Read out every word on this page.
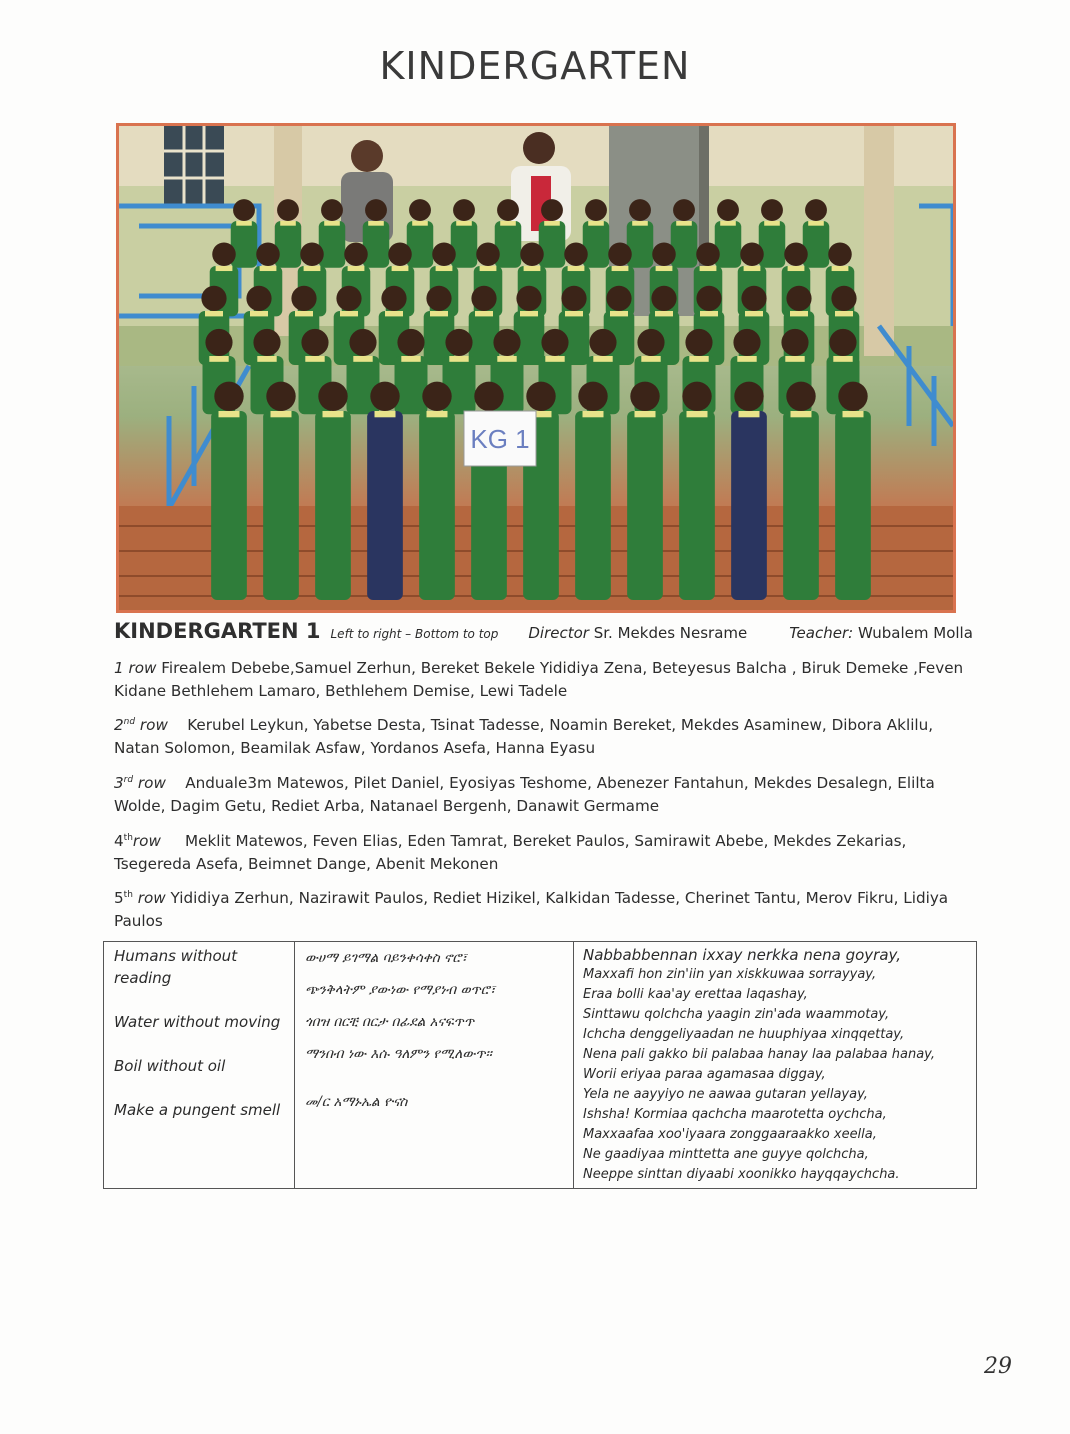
KINDERGARTEN
KG 1
KINDERGARTEN 1 Left to right – Bottom to top Director Sr. Mekdes Nesrame	Teacher: Wubalem Molla
1 row Firealem Debebe,Samuel Zerhun, Bereket Bekele Yididiya Zena, Beteyesus Balcha , Biruk Demeke ,Feven Kidane Bethlehem Lamaro, Bethlehem Demise, Lewi Tadele
2nd row Kerubel Leykun, Yabetse Desta, Tsinat Tadesse, Noamin Bereket, Mekdes Asaminew, Dibora Aklilu, Natan Solomon, Beamilak Asfaw, Yordanos Asefa, Hanna Eyasu
3rd row Anduale3m Matewos, Pilet Daniel, Eyosiyas Teshome, Abenezer Fantahun, Mekdes Desalegn, Elilta Wolde, Dagim Getu, Rediet Arba, Natanael Bergenh, Danawit Germame
4throw Meklit Matewos, Feven Elias, Eden Tamrat, Bereket Paulos, Samirawit Abebe, Mekdes Zekarias, Tsegereda Asefa, Beimnet Dange, Abenit Mekonen
5th row Yididiya Zerhun, Nazirawit Paulos, Rediet Hizikel, Kalkidan Tadesse, Cherinet Tantu, Merov Fikru, Lidiya Paulos
Humans without reading
Water without moving
Boil without oil
Make a pungent smell

ውሀማ ይገማል ባይንቀሳቀስ ኖሮ፣
ጭንቅላትም ያውነው የማያነብ ወጥሮ፣
ጎበዝ በርቺ በርታ በፊደል አናፍጥጥ
ማንበብ ነው እሱ ዓለምን የሚለውጥ።
መ/ር አማኑኤል ዮናስ

Nabbabbennan ixxay nerkka nena goyray,
Maxxafi hon zin'iin yan xiskkuwaa sorrayyay,
Eraa bolli kaa'ay erettaa laqashay,
Sinttawu qolchcha yaagin zin'ada waammotay,
Ichcha denggeliyaadan ne huuphiyaa xinqqettay,
Nena pali gakko bii palabaa hanay laa palabaa hanay,
Worii eriyaa paraa agamasaa diggay,
Yela ne aayyiyo ne aawaa gutaran yellayay,
Ishsha! Kormiaa qachcha maarotetta oychcha,
Maxxaafaa xoo'iyaara zonggaaraakko xeella,
Ne gaadiyaa minttetta ane guyye qolchcha,
Neeppe sinttan diyaabi xoonikko hayqqaychcha.
29
